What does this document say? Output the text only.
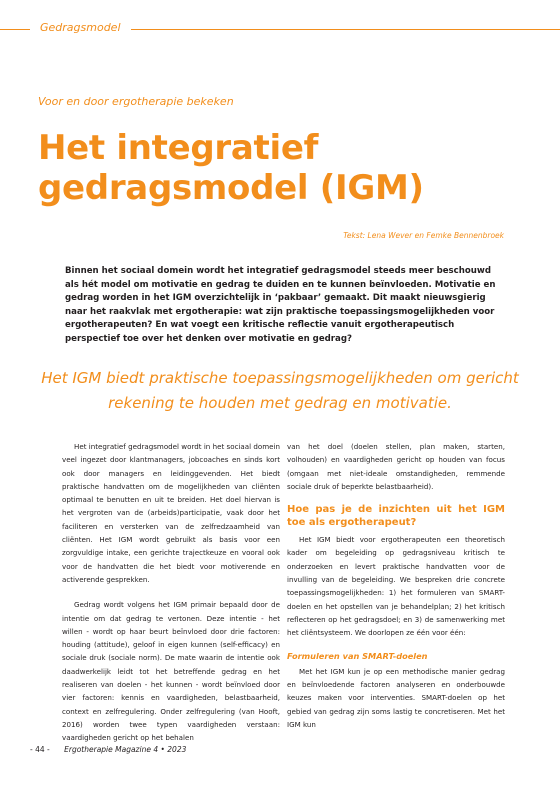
Gedragsmodel
Voor en door ergotherapie bekeken
Het integratief gedragsmodel (IGM)
Tekst: Lena Wever en Femke Bennenbroek

Binnen het sociaal domein wordt het integratief gedragsmodel steeds meer beschouwd als hét model om motivatie en gedrag te duiden en te kunnen beïnvloeden. Motivatie en gedrag worden in het IGM overzichtelijk in ‘pakbaar’ gemaakt. Dit maakt nieuwsgierig naar het raakvlak met ergotherapie: wat zijn praktische toepassingsmogelijkheden voor ergotherapeuten? En wat voegt een kritische reflectie vanuit ergotherapeutisch perspectief toe over het denken over motivatie en gedrag?

Het IGM biedt praktische toepassingsmogelijkheden om gericht rekening te houden met gedrag en motivatie.

Het integratief gedragsmodel wordt in het sociaal domein veel ingezet door klantmanagers, jobcoaches en sinds kort ook door managers en leidinggevenden. Het biedt praktische handvatten om de mogelijkheden van cliënten optimaal te benutten en uit te breiden. Het doel hiervan is het vergroten van de (arbeids)participatie, vaak door het faciliteren en versterken van de zelfredzaamheid van cliënten. Het IGM wordt gebruikt als basis voor een zorgvuldige intake, een gerichte trajectkeuze en vooral ook voor de handvatten die het biedt voor motiverende en activerende gesprekken.

Gedrag wordt volgens het IGM primair bepaald door de intentie om dat gedrag te vertonen. Deze intentie - het willen - wordt op haar beurt beïnvloed door drie factoren: houding (attitude), geloof in eigen kunnen (self-efficacy) en sociale druk (sociale norm). De mate waarin de intentie ook daadwerkelijk leidt tot het betreffende gedrag en het realiseren van doelen - het kunnen - wordt beïnvloed door vier factoren: kennis en vaardigheden, belastbaarheid, context en zelfregulering. Onder zelfregulering (van Hooft, 2016) worden twee typen vaardigheden verstaan: vaardigheden gericht op het behalen

van het doel (doelen stellen, plan maken, starten, volhouden) en vaardigheden gericht op houden van focus (omgaan met niet-ideale omstandigheden, remmende sociale druk of beperkte belastbaarheid).

Hoe pas je de inzichten uit het IGM toe als ergotherapeut?

Het IGM biedt voor ergotherapeuten een theoretisch kader om begeleiding op gedragsniveau kritisch te onderzoeken en levert praktische handvatten voor de invulling van de begeleiding. We bespreken drie concrete toepassingsmogelijkheden: 1) het formuleren van SMART-doelen en het opstellen van je behandelplan; 2) het kritisch reflecteren op het gedragsdoel; en 3) de samenwerking met het cliëntsysteem. We doorlopen ze één voor één:

Formuleren van SMART-doelen

Met het IGM kun je op een methodische manier gedrag en beïnvloedende factoren analyseren en onderbouwde keuzes maken voor interventies. SMART-doelen op het gebied van gedrag zijn soms lastig te concretiseren. Met het IGM kun

- 44 - Ergotherapie Magazine 4 • 2023
